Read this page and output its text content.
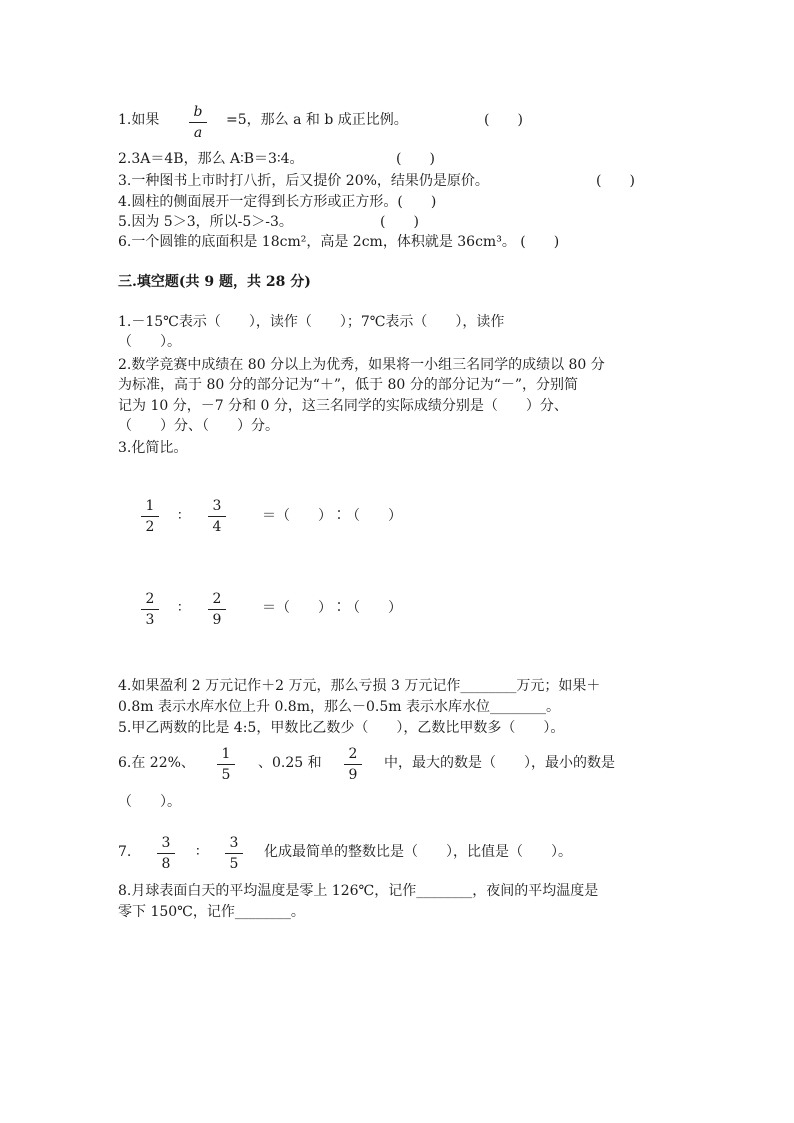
1.如果	b
a
=5，那么 a 和 b 成正比例。	(　　)
2.3A＝4B，那么 A∶B＝3∶4。	(　　)
3.一种图书上市时打八折，后又提价 20%，结果仍是原价。	(　　)
4.圆柱的侧面展开一定得到长方形或正方形。(　　)
5.因为 5＞3，所以-5＞-3。	(　　)
6.一个圆锥的底面积是 18cm²，高是 2cm，体积就是 36cm³。 (　　)
三.填空题(共 9 题，共 28 分)
1.－15℃表示（　　），读作（　　）；7℃表示（　　），读作
（　　）。
2.数学竞赛中成绩在 80 分以上为优秀，如果将一小组三名同学的成绩以 80 分
为标准，高于 80 分的部分记为“＋”，低于 80 分的部分记为“－”，分别简
记为 10 分，－7 分和 0 分，这三名同学的实际成绩分别是（　　）分、
（　　）分、（　　）分。
3.化简比。
1
2
∶
3
4
＝（　　）∶（　　）
2
3
∶
2
9
＝（　　）∶（　　）
4.如果盈利 2 万元记作＋2 万元，那么亏损 3 万元记作________万元；如果＋
0.8m 表示水库水位上升 0.8m，那么－0.5m 表示水库水位________。
5.甲乙两数的比是 4:5，甲数比乙数少（　　），乙数比甲数多（　　）。
6.在 22%、
1
5
、0.25 和
2
9
中，最大的数是（　　），最小的数是
（　　）。
7.
3
8
∶
3
5
化成最简单的整数比是（　　），比值是（　　）。
8.月球表面白天的平均温度是零上 126℃，记作________，夜间的平均温度是
零下 150℃，记作________。
